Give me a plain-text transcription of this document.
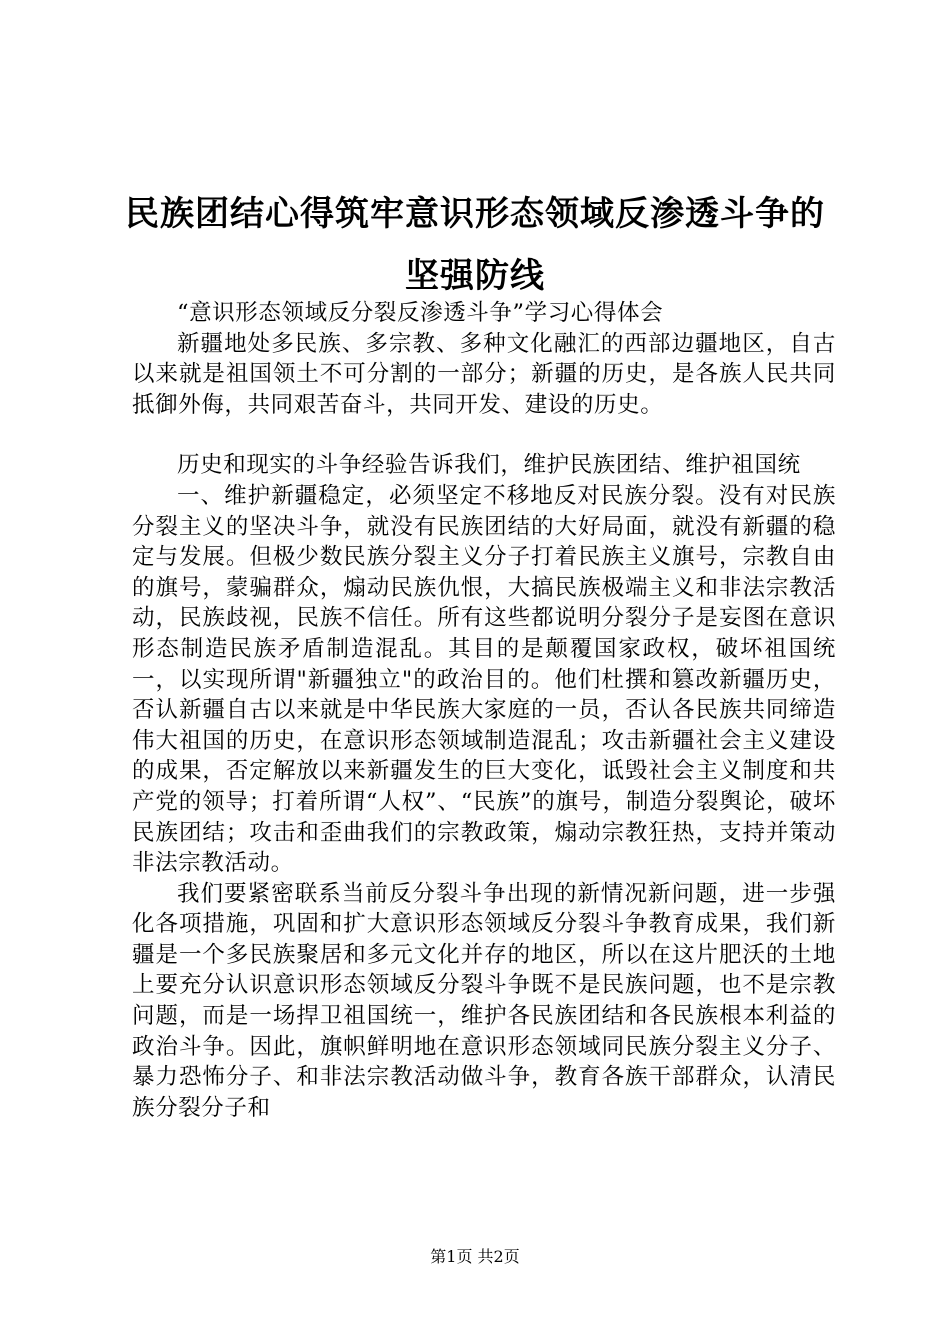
民族团结心得筑牢意识形态领域反渗透斗争的
坚强防线

“意识形态领域反分裂反渗透斗争”学习心得体会

新疆地处多民族、多宗教、多种文化融汇的西部边疆地区，自古以来就是祖国领土不可分割的一部分；新疆的历史，是各族人民共同抵御外侮，共同艰苦奋斗，共同开发、建设的历史。

历史和现实的斗争经验告诉我们，维护民族团结、维护祖国统

一、维护新疆稳定，必须坚定不移地反对民族分裂。没有对民族分裂主义的坚决斗争，就没有民族团结的大好局面，就没有新疆的稳定与发展。但极少数民族分裂主义分子打着民族主义旗号，宗教自由的旗号，蒙骗群众，煽动民族仇恨，大搞民族极端主义和非法宗教活动，民族歧视，民族不信任。所有这些都说明分裂分子是妄图在意识形态制造民族矛盾制造混乱。其目的是颠覆国家政权，破坏祖国统一，以实现所谓"新疆独立"的政治目的。他们杜撰和篡改新疆历史，否认新疆自古以来就是中华民族大家庭的一员，否认各民族共同缔造伟大祖国的历史，在意识形态领域制造混乱；攻击新疆社会主义建设的成果，否定解放以来新疆发生的巨大变化，诋毁社会主义制度和共产党的领导；打着所谓“人权”、“民族”的旗号，制造分裂舆论，破坏民族团结；攻击和歪曲我们的宗教政策，煽动宗教狂热，支持并策动非法宗教活动。

我们要紧密联系当前反分裂斗争出现的新情况新问题，进一步强化各项措施，巩固和扩大意识形态领域反分裂斗争教育成果，我们新疆是一个多民族聚居和多元文化并存的地区，所以在这片肥沃的土地上要充分认识意识形态领域反分裂斗争既不是民族问题，也不是宗教问题，而是一场捍卫祖国统一，维护各民族团结和各民族根本利益的政治斗争。因此，旗帜鲜明地在意识形态领域同民族分裂主义分子、暴力恐怖分子、和非法宗教活动做斗争，教育各族干部群众，认清民族分裂分子和

第1页 共2页
